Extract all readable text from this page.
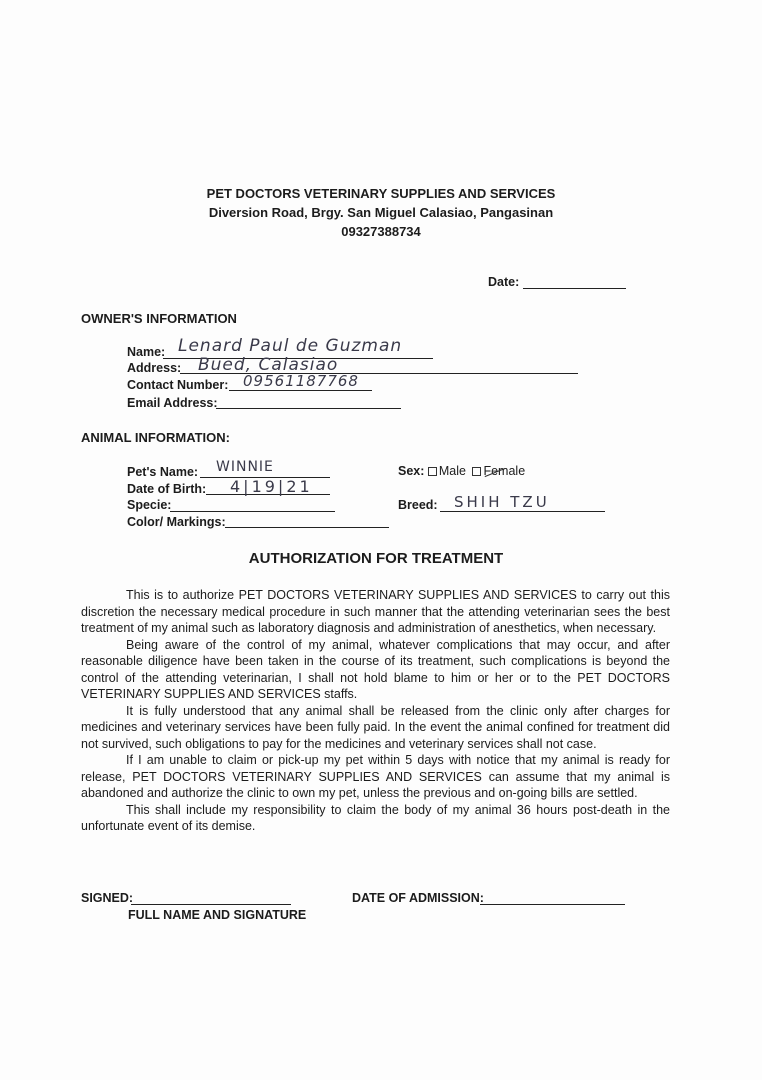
PET DOCTORS VETERINARY SUPPLIES AND SERVICES
Diversion Road, Brgy. San Miguel Calasiao, Pangasinan
09327388734
Date:
OWNER'S INFORMATION
Name: Lenard Paul de Guzman
Address: Bued, Calasiao
Contact Number: 09561187768
Email Address:
ANIMAL INFORMATION:
Pet's Name: WINNIE
Date of Birth: 4|19|21
Specie:
Color/ Markings:
Sex: Male Female
Breed: SHIH TZU
AUTHORIZATION FOR TREATMENT

This is to authorize PET DOCTORS VETERINARY SUPPLIES AND SERVICES to carry out this discretion the necessary medical procedure in such manner that the attending veterinarian sees the best treatment of my animal such as laboratory diagnosis and administration of anesthetics, when necessary.

Being aware of the control of my animal, whatever complications that may occur, and after reasonable diligence have been taken in the course of its treatment, such complications is beyond the control of the attending veterinarian, I shall not hold blame to him or her or to the PET DOCTORS VETERINARY SUPPLIES AND SERVICES staffs.

It is fully understood that any animal shall be released from the clinic only after charges for medicines and veterinary services have been fully paid. In the event the animal confined for treatment did not survived, such obligations to pay for the medicines and veterinary services shall not case.

If I am unable to claim or pick-up my pet within 5 days with notice that my animal is ready for release, PET DOCTORS VETERINARY SUPPLIES AND SERVICES can assume that my animal is abandoned and authorize the clinic to own my pet, unless the previous and on-going bills are settled.

This shall include my responsibility to claim the body of my animal 36 hours post-death in the unfortunate event of its demise.

SIGNED:
FULL NAME AND SIGNATURE
DATE OF ADMISSION:
